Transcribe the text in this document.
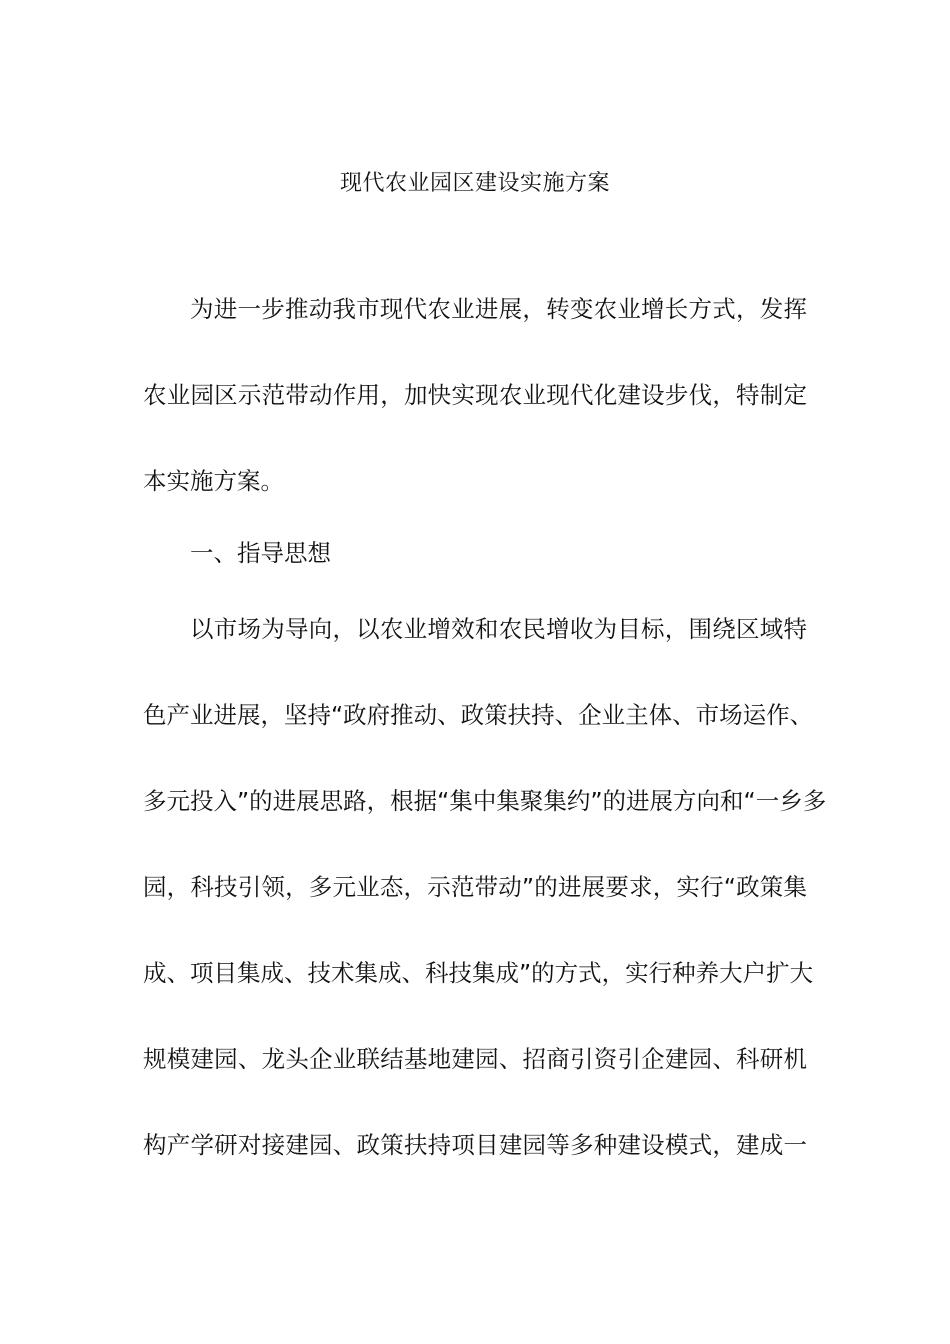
现代农业园区建设实施方案

为进一步推动我市现代农业进展，转变农业增长方式，发挥

农业园区示范带动作用，加快实现农业现代化建设步伐，特制定

本实施方案。

一、指导思想

以市场为导向，以农业增效和农民增收为目标，围绕区域特

色产业进展，坚持“政府推动、政策扶持、企业主体、市场运作、

多元投入”的进展思路，根据“集中集聚集约”的进展方向和“一乡多

园，科技引领，多元业态，示范带动”的进展要求，实行“政策集

成、项目集成、技术集成、科技集成”的方式，实行种养大户扩大

规模建园、龙头企业联结基地建园、招商引资引企建园、科研机

构产学研对接建园、政策扶持项目建园等多种建设模式，建成一
